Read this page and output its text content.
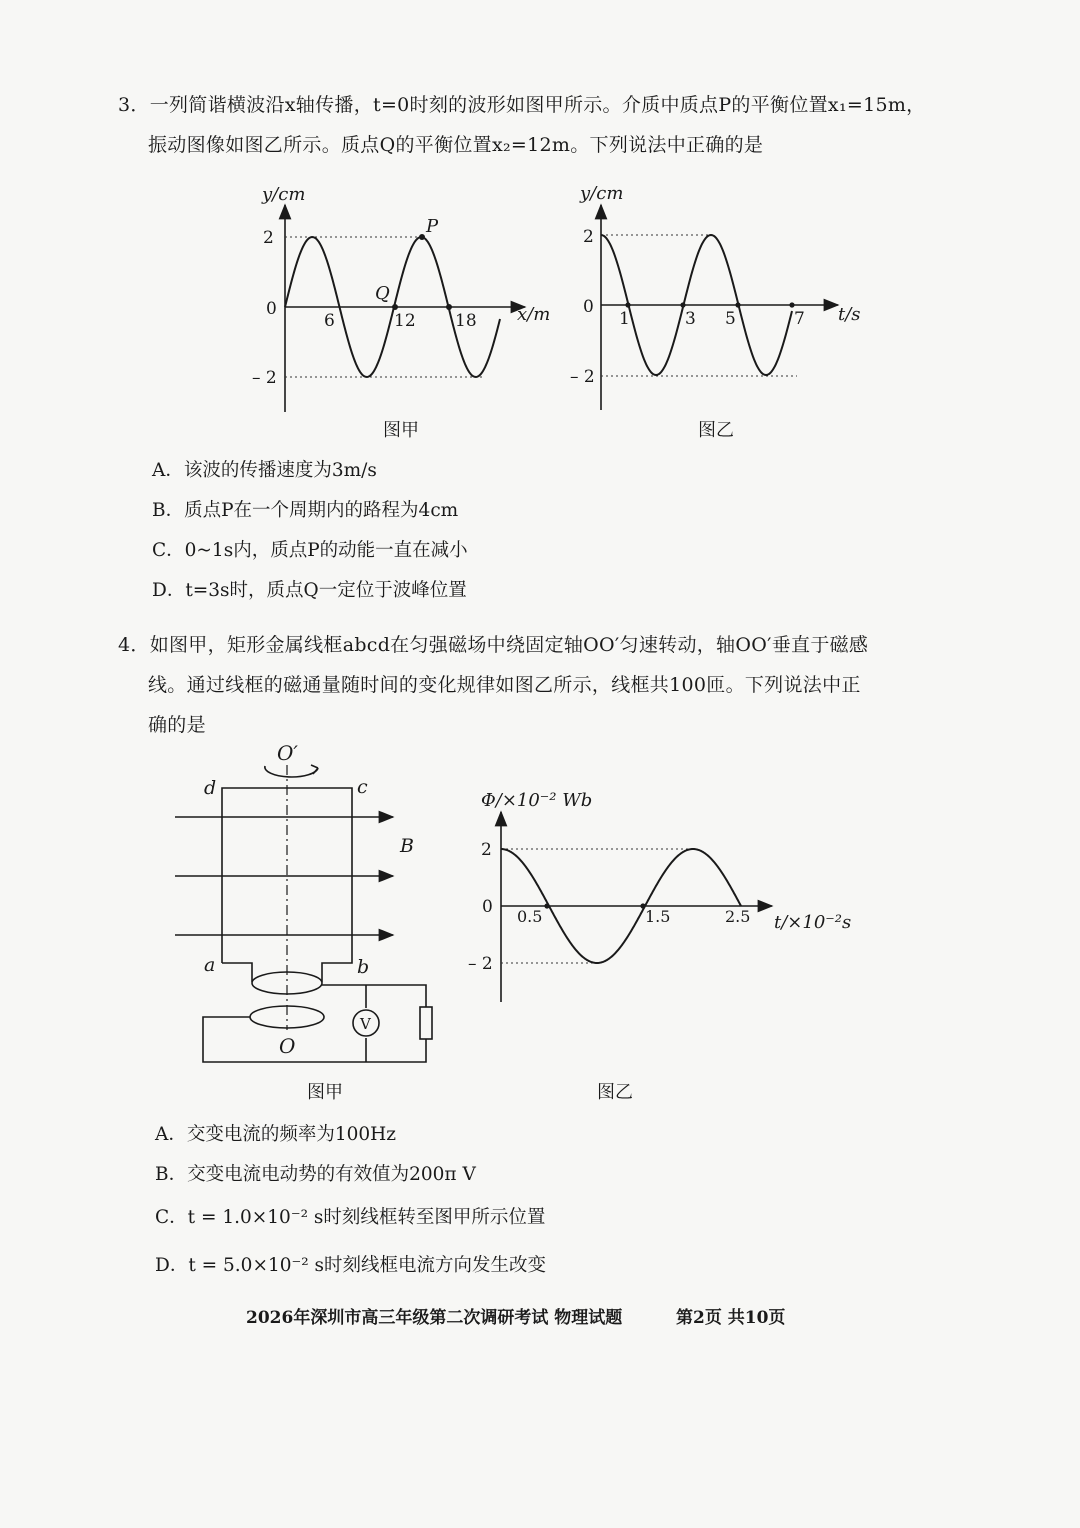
3．一列简谐横波沿x轴传播，t=0时刻的波形如图甲所示。介质中质点P的平衡位置x₁=15m，
振动图像如图乙所示。质点Q的平衡位置x₂=12m。下列说法中正确的是
y/cm
2
0
– 2
6	12 18 x/m
P
Q
y/cm
2
0
– 2
1	3 5	7 t/s
O′
O
d	c
a	b
B
V
Φ/×10⁻² Wb
2
0
– 2
0.5	1.5	2.5 t/×10⁻²s
图甲	图乙
A．该波的传播速度为3m/s
B．质点P在一个周期内的路程为4cm
C．0~1s内，质点P的动能一直在减小
D．t=3s时，质点Q一定位于波峰位置
4．如图甲，矩形金属线框abcd在匀强磁场中绕固定轴OO′匀速转动，轴OO′垂直于磁感
线。通过线框的磁通量随时间的变化规律如图乙所示，线框共100匝。下列说法中正
确的是
图甲	图乙
A．交变电流的频率为100Hz
B．交变电流电动势的有效值为200π V
C．t = 1.0×10⁻² s时刻线框转至图甲所示位置
D．t = 5.0×10⁻² s时刻线框电流方向发生改变
2026年深圳市高三年级第二次调研考试 物理试题	第2页 共10页
